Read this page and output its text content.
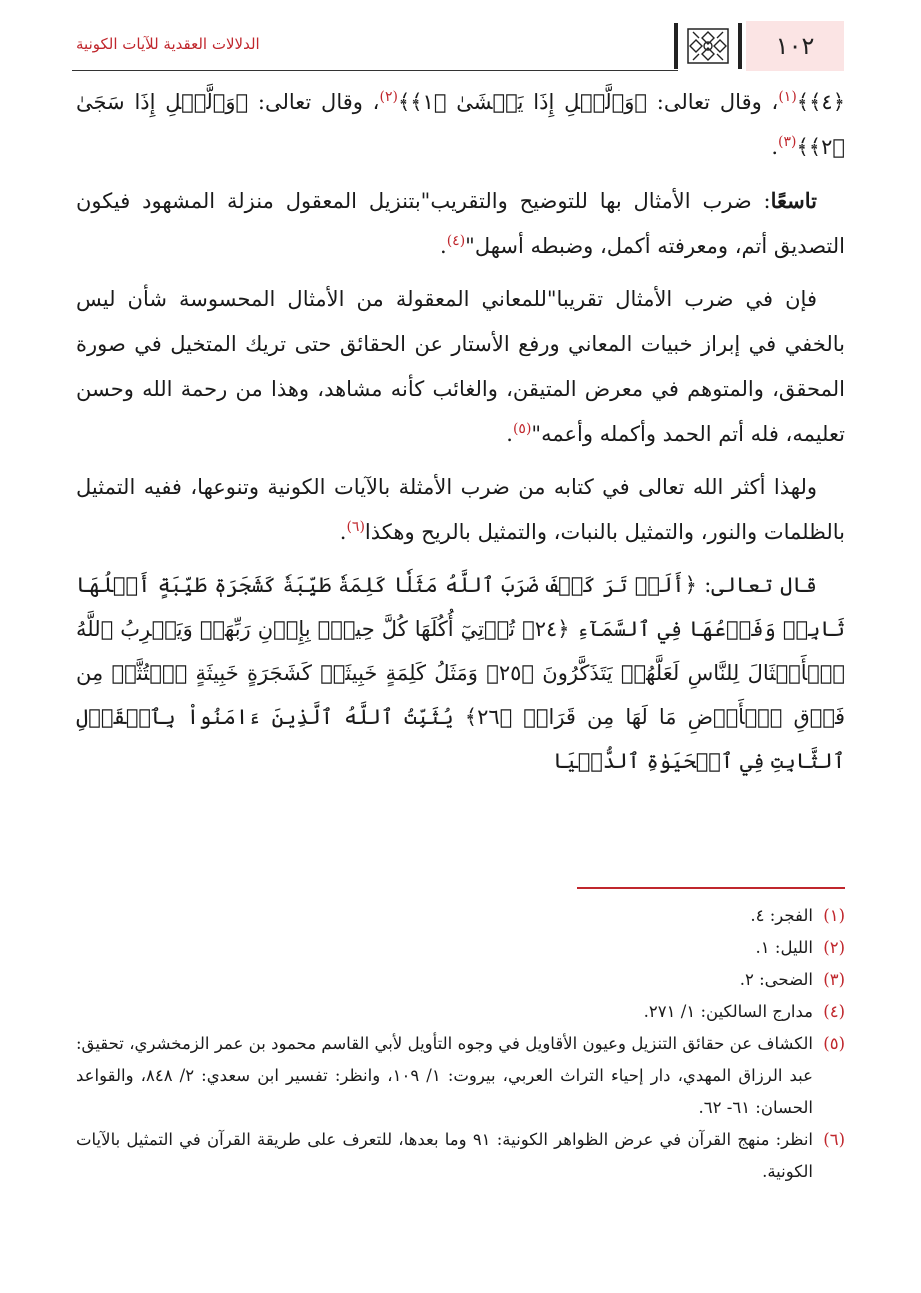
١٠٢
الدلالات العقدية للآيات الكونية

﴿٤﴾﴾$^{(١)}$، وقال تعالى: ﴿وَٱلَّيۡلِ إِذَا يَغۡشَىٰ ﴿١﴾﴾$^{(٢)}$، وقال تعالى: ﴿وَٱلَّيۡلِ إِذَا سَجَىٰ ﴿٢﴾﴾$^{(٣)}$.

تاسعًا: ضرب الأمثال بها للتوضيح والتقريب"بتنزيل المعقول منزلة المشهود فيكون التصديق أتم، ومعرفته أكمل، وضبطه أسهل"$^{(٤)}$.

فإن في ضرب الأمثال تقريبا"للمعاني المعقولة من الأمثال المحسوسة شأن ليس بالخفي في إبراز خبيات المعاني ورفع الأستار عن الحقائق حتى تريك المتخيل في صورة المحقق، والمتوهم في معرض المتيقن، والغائب كأنه مشاهد، وهذا من رحمة الله وحسن تعليمه، فله أتم الحمد وأكمله وأعمه"$^{(٥)}$.

ولهذا أكثر الله تعالى في كتابه من ضرب الأمثلة بالآيات الكونية وتنوعها، ففيه التمثيل بالظلمات والنور، والتمثيل بالنبات، والتمثيل بالريح وهكذا$^{(٦)}$.

قال تعالى: ﴿أَلَمۡ تَرَ كَيۡفَ ضَرَبَ ٱللَّهُ مَثَلٗا كَلِمَةٗ طَيِّبَةٗ كَشَجَرَةٖ طَيِّبَةٍ أَصۡلُهَا ثَابِتٞ وَفَرۡعُهَا فِي ٱلسَّمَآءِ ﴿٢٤﴾ تُؤۡتِيٓ أُكُلَهَا كُلَّ حِينِۭ بِإِذۡنِ رَبِّهَاۗ وَيَضۡرِبُ ٱللَّهُ ٱلۡأَمۡثَالَ لِلنَّاسِ لَعَلَّهُمۡ يَتَذَكَّرُونَ ﴿٢٥﴾ وَمَثَلُ كَلِمَةٍ خَبِيثَةٖ كَشَجَرَةٍ خَبِيثَةٍ ٱجۡتُثَّتۡ مِن فَوۡقِ ٱلۡأَرۡضِ مَا لَهَا مِن قَرَارٖ ﴿٢٦﴾ يُثَبِّتُ ٱللَّهُ ٱلَّذِينَ ءَامَنُواْ بِٱلۡقَوۡلِ ٱلثَّابِتِ فِي ٱلۡحَيَوٰةِ ٱلدُّنۡيَا

(١)
الفجر: ٤.
(٢)
الليل: ١.
(٣)
الضحى: ٢.
(٤)
مدارج السالكين: ١/ ٢٧١.
(٥)
الكشاف عن حقائق التنزيل وعيون الأقاويل في وجوه التأويل لأبي القاسم محمود بن عمر الزمخشري، تحقيق: عبد الرزاق المهدي، دار إحياء التراث العربي، بيروت: ١/ ١٠٩، وانظر: تفسير ابن سعدي: ٢/ ٨٤٨، والقواعد الحسان: ٦١- ٦٢.
(٦)
انظر: منهج القرآن في عرض الظواهر الكونية: ٩١ وما بعدها، للتعرف على طريقة القرآن في التمثيل بالآيات الكونية.
